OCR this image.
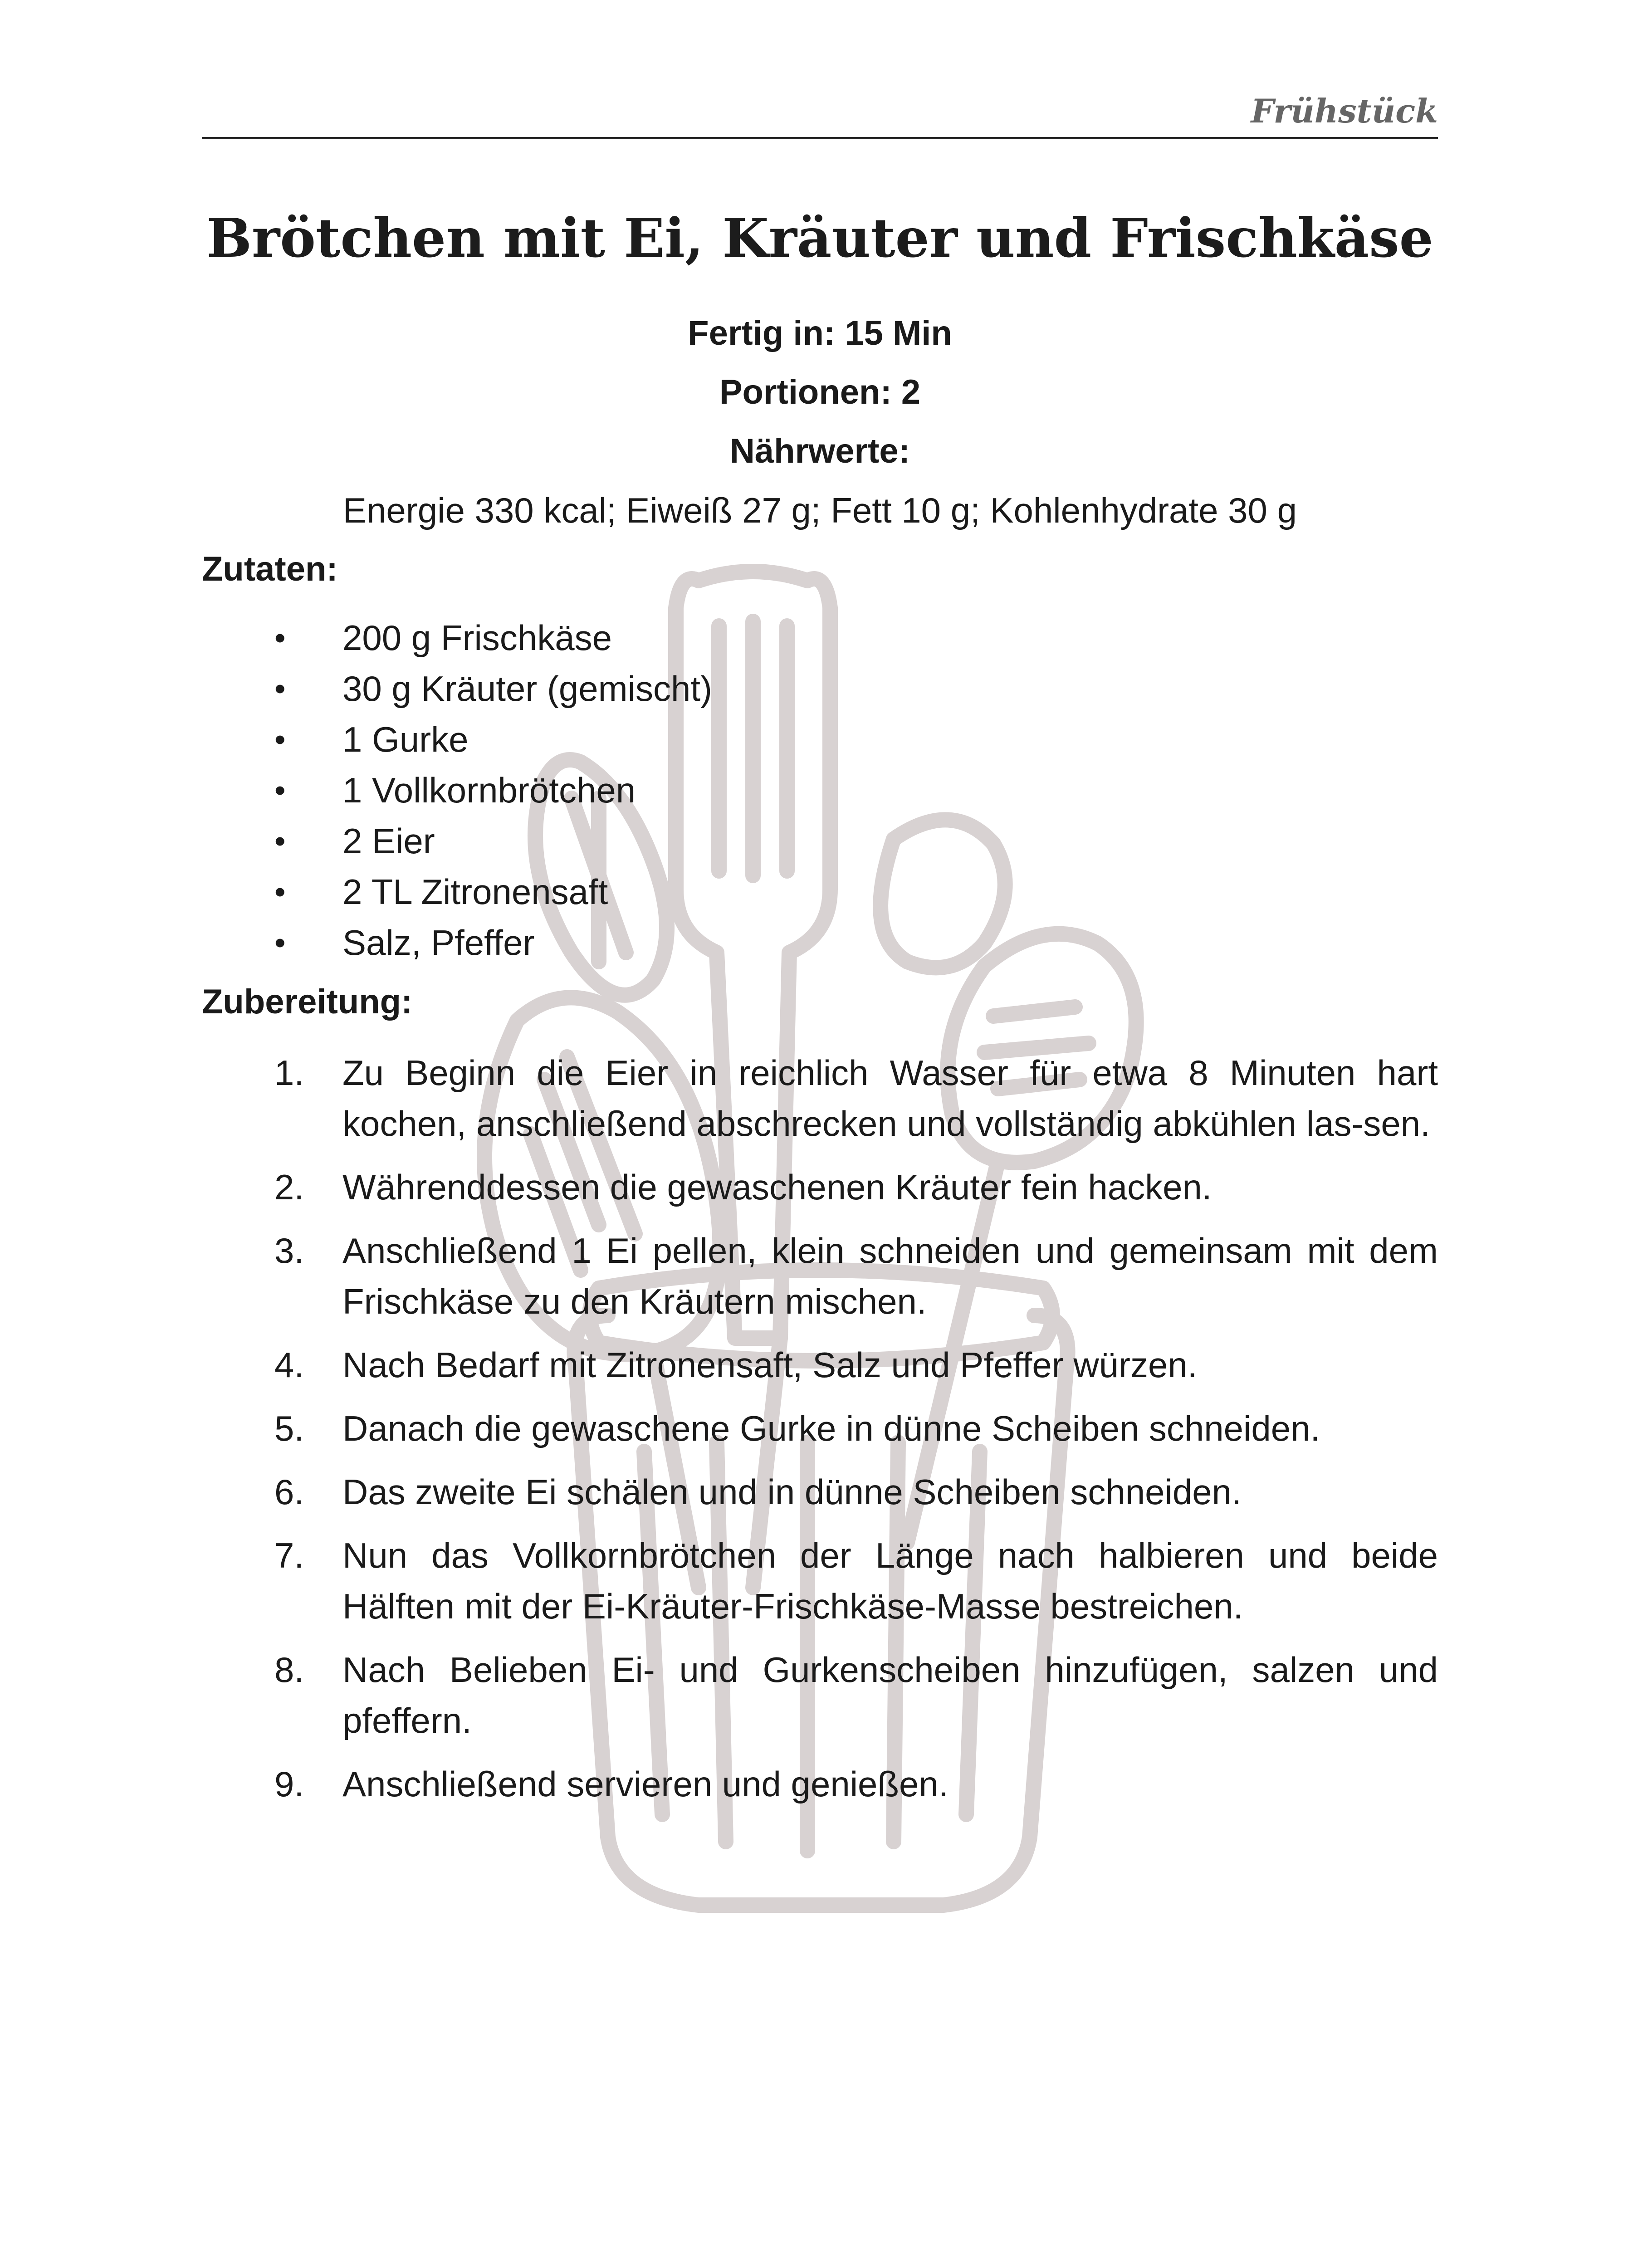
Frühstück
Brötchen mit Ei, Kräuter und Frischkäse
Fertig in: 15 Min
Portionen: 2
Nährwerte:
Energie 330 kcal; Eiweiß 27 g; Fett 10 g; Kohlenhydrate 30 g
Zutaten:
• 200 g Frischkäse
• 30 g Kräuter (gemischt)
• 1 Gurke
• 1 Vollkornbrötchen
• 2 Eier
• 2 TL Zitronensaft
• Salz, Pfeffer
Zubereitung:
1. Zu Beginn die Eier in reichlich Wasser für etwa 8 Minuten hart kochen, anschließend abschrecken und vollständig abkühlen las-sen.
2. Währenddessen die gewaschenen Kräuter fein hacken.
3. Anschließend 1 Ei pellen, klein schneiden und gemeinsam mit dem Frischkäse zu den Kräutern mischen.
4. Nach Bedarf mit Zitronensaft, Salz und Pfeffer würzen.
5. Danach die gewaschene Gurke in dünne Scheiben schneiden.
6. Das zweite Ei schälen und in dünne Scheiben schneiden.
7. Nun das Vollkornbrötchen der Länge nach halbieren und beide Hälften mit der Ei-Kräuter-Frischkäse-Masse bestreichen.
8. Nach Belieben Ei- und Gurkenscheiben hinzufügen, salzen und pfeffern.
9. Anschließend servieren und genießen.
